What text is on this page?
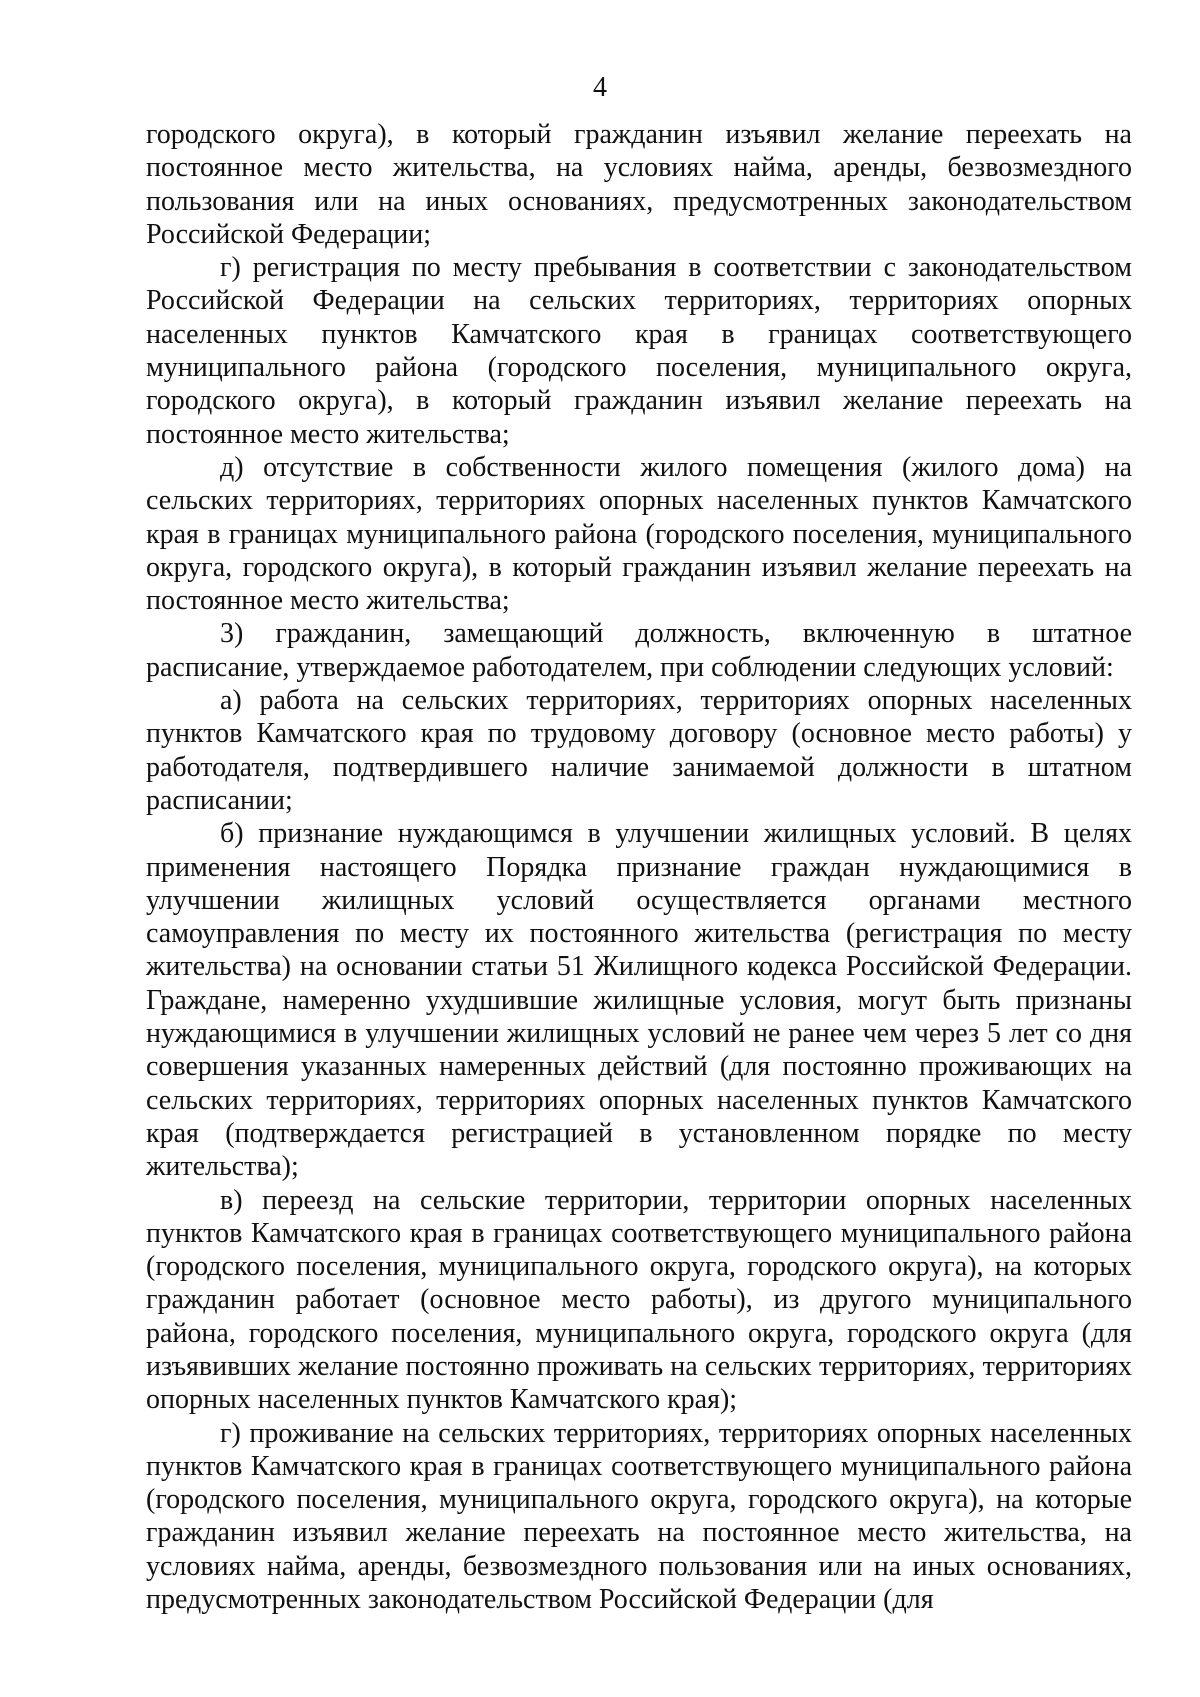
4

городского округа), в который гражданин изъявил желание переехать на постоянное место жительства, на условиях найма, аренды, безвозмездного пользования или на иных основаниях, предусмотренных законодательством Российской Федерации;

г) регистрация по месту пребывания в соответствии с законодательством Российской Федерации на сельских территориях, территориях опорных населенных пунктов Камчатского края в границах соответствующего муниципального района (городского поселения, муниципального округа, городского округа), в который гражданин изъявил желание переехать на постоянное место жительства;

д) отсутствие в собственности жилого помещения (жилого дома) на сельских территориях, территориях опорных населенных пунктов Камчатского края в границах муниципального района (городского поселения, муниципального округа, городского округа), в который гражданин изъявил желание переехать на постоянное место жительства;

3) гражданин, замещающий должность, включенную в штатное расписание, утверждаемое работодателем, при соблюдении следующих условий:

а) работа на сельских территориях, территориях опорных населенных пунктов Камчатского края по трудовому договору (основное место работы) у работодателя, подтвердившего наличие занимаемой должности в штатном расписании;

б) признание нуждающимся в улучшении жилищных условий. В целях применения настоящего Порядка признание граждан нуждающимися в улучшении жилищных условий осуществляется органами местного самоуправления по месту их постоянного жительства (регистрация по месту жительства) на основании статьи 51 Жилищного кодекса Российской Федерации. Граждане, намеренно ухудшившие жилищные условия, могут быть признаны нуждающимися в улучшении жилищных условий не ранее чем через 5 лет со дня совершения указанных намеренных действий (для постоянно проживающих на сельских территориях, территориях опорных населенных пунктов Камчатского края (подтверждается регистрацией в установленном порядке по месту жительства);

в) переезд на сельские территории, территории опорных населенных пунктов Камчатского края в границах соответствующего муниципального района (городского поселения, муниципального округа, городского округа), на которых гражданин работает (основное место работы), из другого муниципального района, городского поселения, муниципального округа, городского округа (для изъявивших желание постоянно проживать на сельских территориях, территориях опорных населенных пунктов Камчатского края);

г) проживание на сельских территориях, территориях опорных населенных пунктов Камчатского края в границах соответствующего муниципального района (городского поселения, муниципального округа, городского округа), на которые гражданин изъявил желание переехать на постоянное место жительства, на условиях найма, аренды, безвозмездного пользования или на иных основаниях, предусмотренных законодательством Российской Федерации (для
